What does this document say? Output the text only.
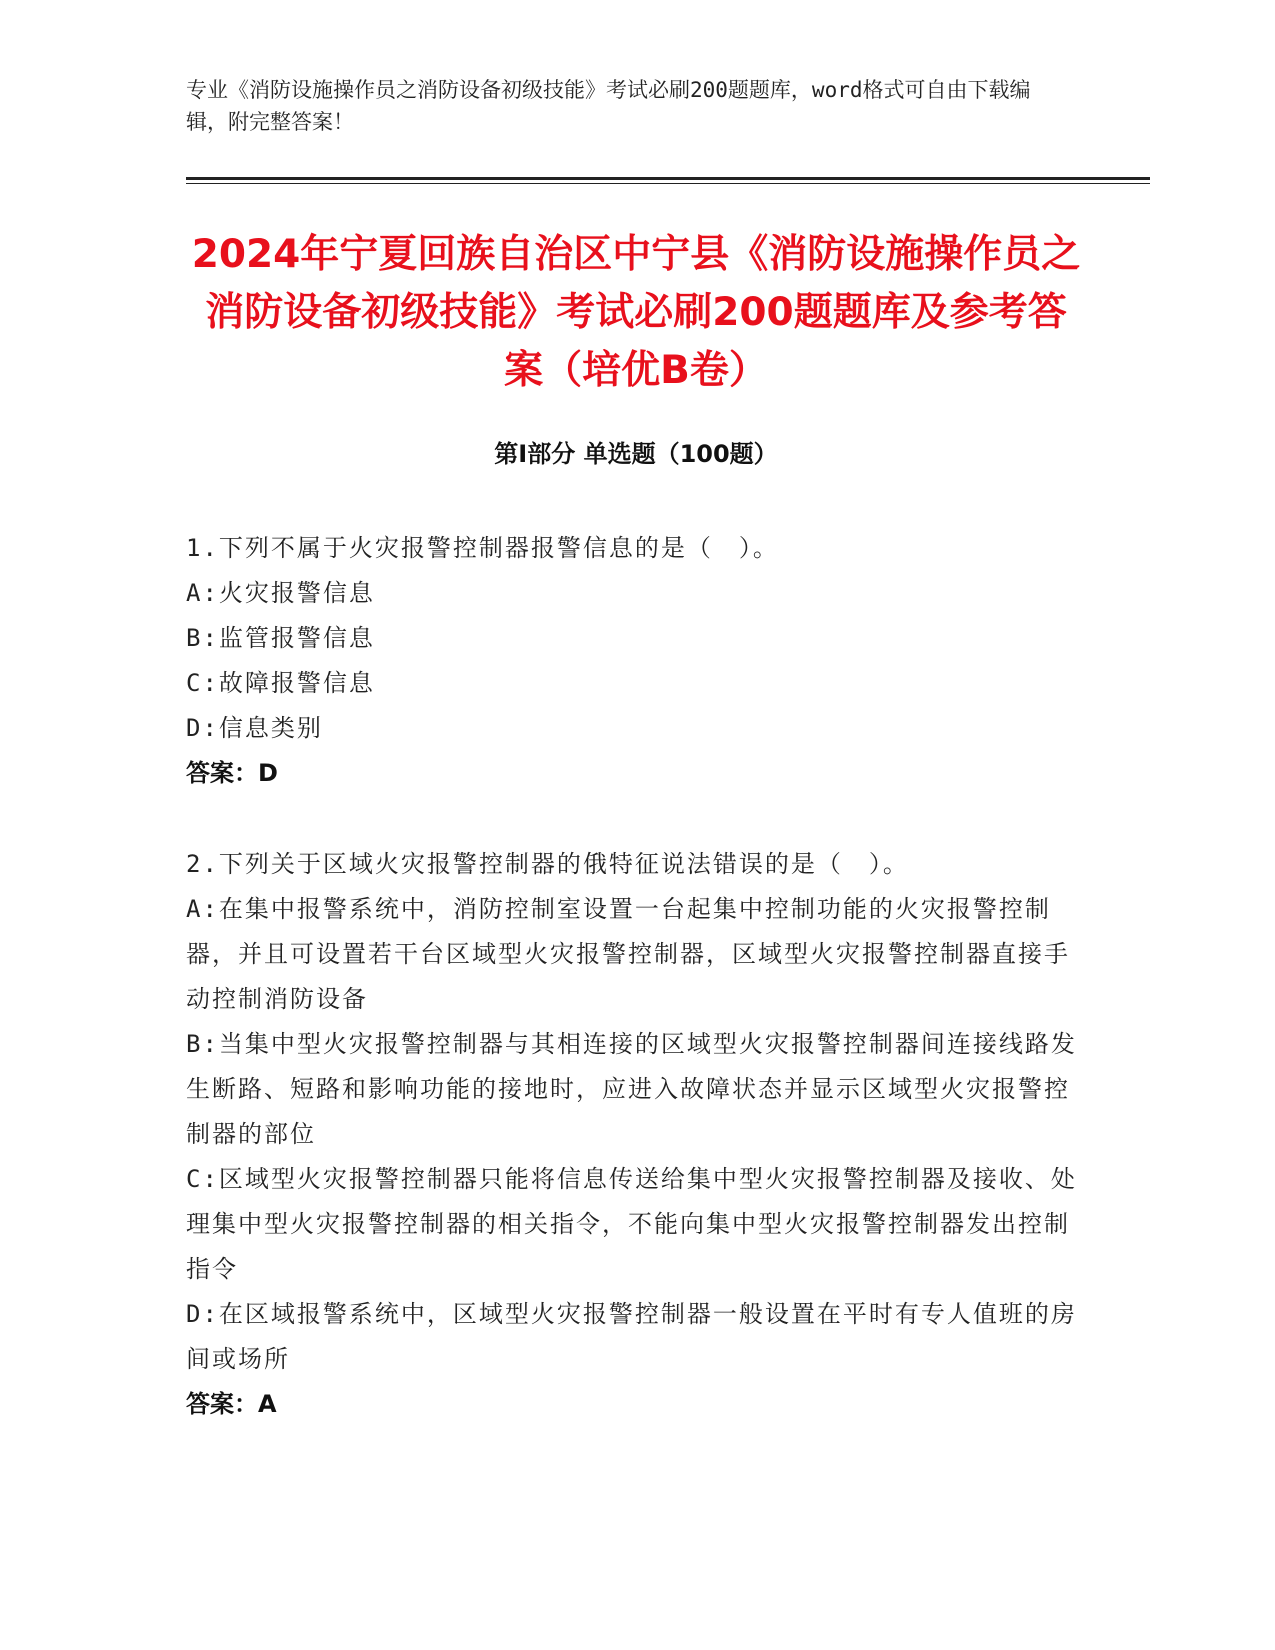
专业《消防设施操作员之消防设备初级技能》考试必刷200题题库，word格式可自由下载编辑，附完整答案！
2024年宁夏回族自治区中宁县《消防设施操作员之消防设备初级技能》考试必刷200题题库及参考答案（培优B卷）
第I部分 单选题（100题）
1.下列不属于火灾报警控制器报警信息的是（　）。
A:火灾报警信息
B:监管报警信息
C:故障报警信息
D:信息类别
答案：D
2.下列关于区域火灾报警控制器的俄特征说法错误的是（　）。
A:在集中报警系统中，消防控制室设置一台起集中控制功能的火灾报警控制器，并且可设置若干台区域型火灾报警控制器，区域型火灾报警控制器直接手动控制消防设备
B:当集中型火灾报警控制器与其相连接的区域型火灾报警控制器间连接线路发生断路、短路和影响功能的接地时，应进入故障状态并显示区域型火灾报警控制器的部位
C:区域型火灾报警控制器只能将信息传送给集中型火灾报警控制器及接收、处理集中型火灾报警控制器的相关指令，不能向集中型火灾报警控制器发出控制指令
D:在区域报警系统中，区域型火灾报警控制器一般设置在平时有专人值班的房间或场所
答案：A
